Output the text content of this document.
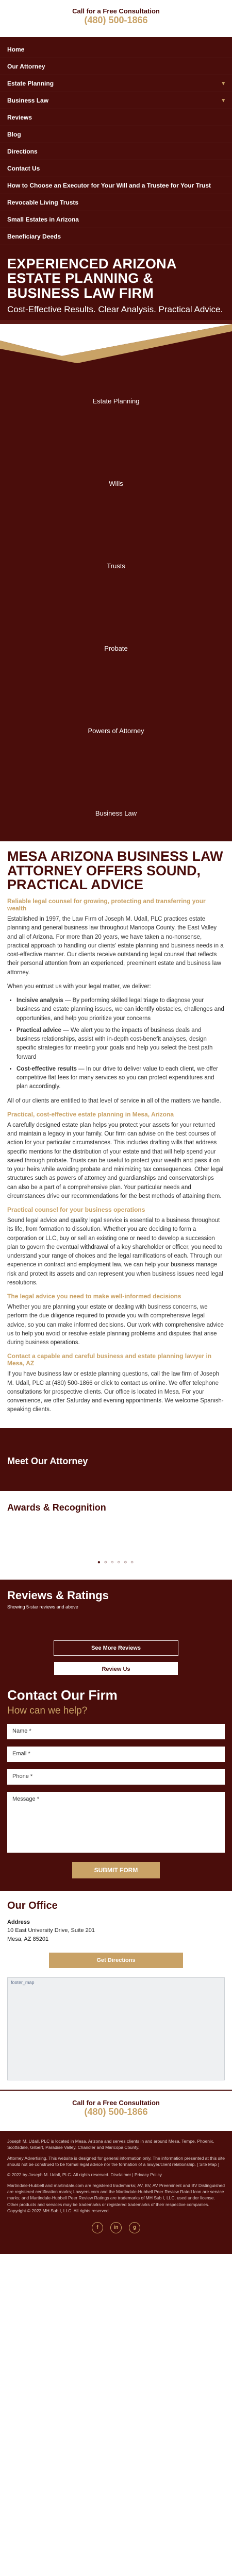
Call for a Free Consultation
(480) 500-1866
Home
Our Attorney
Estate Planning	▾
Business Law	▾
Reviews
Blog
Directions
Contact Us
How to Choose an Executor for Your Will and a Trustee for Your Trust
Revocable Living Trusts
Small Estates in Arizona
Beneficiary Deeds
EXPERIENCED ARIZONA ESTATE PLANNING & BUSINESS LAW FIRM
Cost-Effective Results. Clear Analysis. Practical Advice.
Estate Planning
Wills
Trusts
Probate
Powers of Attorney
Business Law
MESA ARIZONA BUSINESS LAW ATTORNEY OFFERS SOUND, PRACTICAL ADVICE
Reliable legal counsel for growing, protecting and transferring your wealth

Established in 1997, the Law Firm of Joseph M. Udall, PLC practices estate planning and general business law throughout Maricopa County, the East Valley and all of Arizona. For more than 20 years, we have taken a no-nonsense, practical approach to handling our clients' estate planning and business needs in a cost-effective manner. Our clients receive outstanding legal counsel that reflects their personal attention from an experienced, preeminent estate and business law attorney.

When you entrust us with your legal matter, we deliver:

• Incisive analysis — By performing skilled legal triage to diagnose your business and estate planning issues, we can identify obstacles, challenges and opportunities, and help you prioritize your concerns
• Practical advice — We alert you to the impacts of business deals and business relationships, assist with in-depth cost-benefit analyses, design specific strategies for meeting your goals and help you select the best path forward
• Cost-effective results — In our drive to deliver value to each client, we offer competitive flat fees for many services so you can protect expenditures and plan accordingly.

All of our clients are entitled to that level of service in all of the matters we handle.

Practical, cost-effective estate planning in Mesa, Arizona

A carefully designed estate plan helps you protect your assets for your returned and maintain a legacy in your family. Our firm can advise on the best courses of action for your particular circumstances. This includes drafting wills that address specific mentions for the distribution of your estate and that will help spend your saved through probate. Trusts can be useful to protect your wealth and pass it on to your heirs while avoiding probate and minimizing tax consequences. Other legal structures such as powers of attorney and guardianships and conservatorships can also be a part of a comprehensive plan. Your particular needs and circumstances drive our recommendations for the best methods of attaining them.

Practical counsel for your business operations

Sound legal advice and quality legal service is essential to a business throughout its life, from formation to dissolution. Whether you are deciding to form a corporation or LLC, buy or sell an existing one or need to develop a succession plan to govern the eventual withdrawal of a key shareholder or officer, you need to understand your range of choices and the legal ramifications of each. Through our experience in contract and employment law, we can help your business manage risk and protect its assets and can represent you when business issues need legal resolutions.

The legal advice you need to make well-informed decisions

Whether you are planning your estate or dealing with business concerns, we perform the due diligence required to provide you with comprehensive legal advice, so you can make informed decisions. Our work with comprehensive advice us to help you avoid or resolve estate planning problems and disputes that arise during business operations.

Contact a capable and careful business and estate planning lawyer in Mesa, AZ

If you have business law or estate planning questions, call the law firm of Joseph M. Udall, PLC at (480) 500-1866 or click to contact us online. We offer telephone consultations for prospective clients. Our office is located in Mesa. For your convenience, we offer Saturday and evening appointments. We welcome Spanish-speaking clients.

Meet Our Attorney
Awards & Recognition
● ○ ○ ○ ○ ○
Reviews & Ratings
Showing 5-star reviews and above
See More Reviews
Review Us
Contact Our Firm
How can we help?
Name *
Email *
Phone *
Message *
SUBMIT FORM
Our Office
Address
10 East University Drive, Suite 201
Mesa, AZ 85201
Get Directions
footer_map
Call for a Free Consultation
(480) 500-1866

Joseph M. Udall, PLC is located in Mesa, Arizona and serves clients in and around Mesa, Tempe, Phoenix, Scottsdale, Gilbert, Paradise Valley, Chandler and Maricopa County.

Attorney Advertising. This website is designed for general information only. The information presented at this site should not be construed to be formal legal advice nor the formation of a lawyer/client relationship. [ Site Map ]

© 2022 by Joseph M. Udall, PLC. All rights reserved. Disclaimer | Privacy Policy

Martindale-Hubbell and martindale.com are registered trademarks; AV, BV, AV Preeminent and BV Distinguished are registered certification marks; Lawyers.com and the Martindale-Hubbell Peer Review Rated Icon are service marks; and Martindale-Hubbell Peer Review Ratings are trademarks of MH Sub I, LLC, used under license. Other products and services may be trademarks or registered trademarks of their respective companies. Copyright © 2022 MH Sub I, LLC. All rights reserved.

f	in	g
